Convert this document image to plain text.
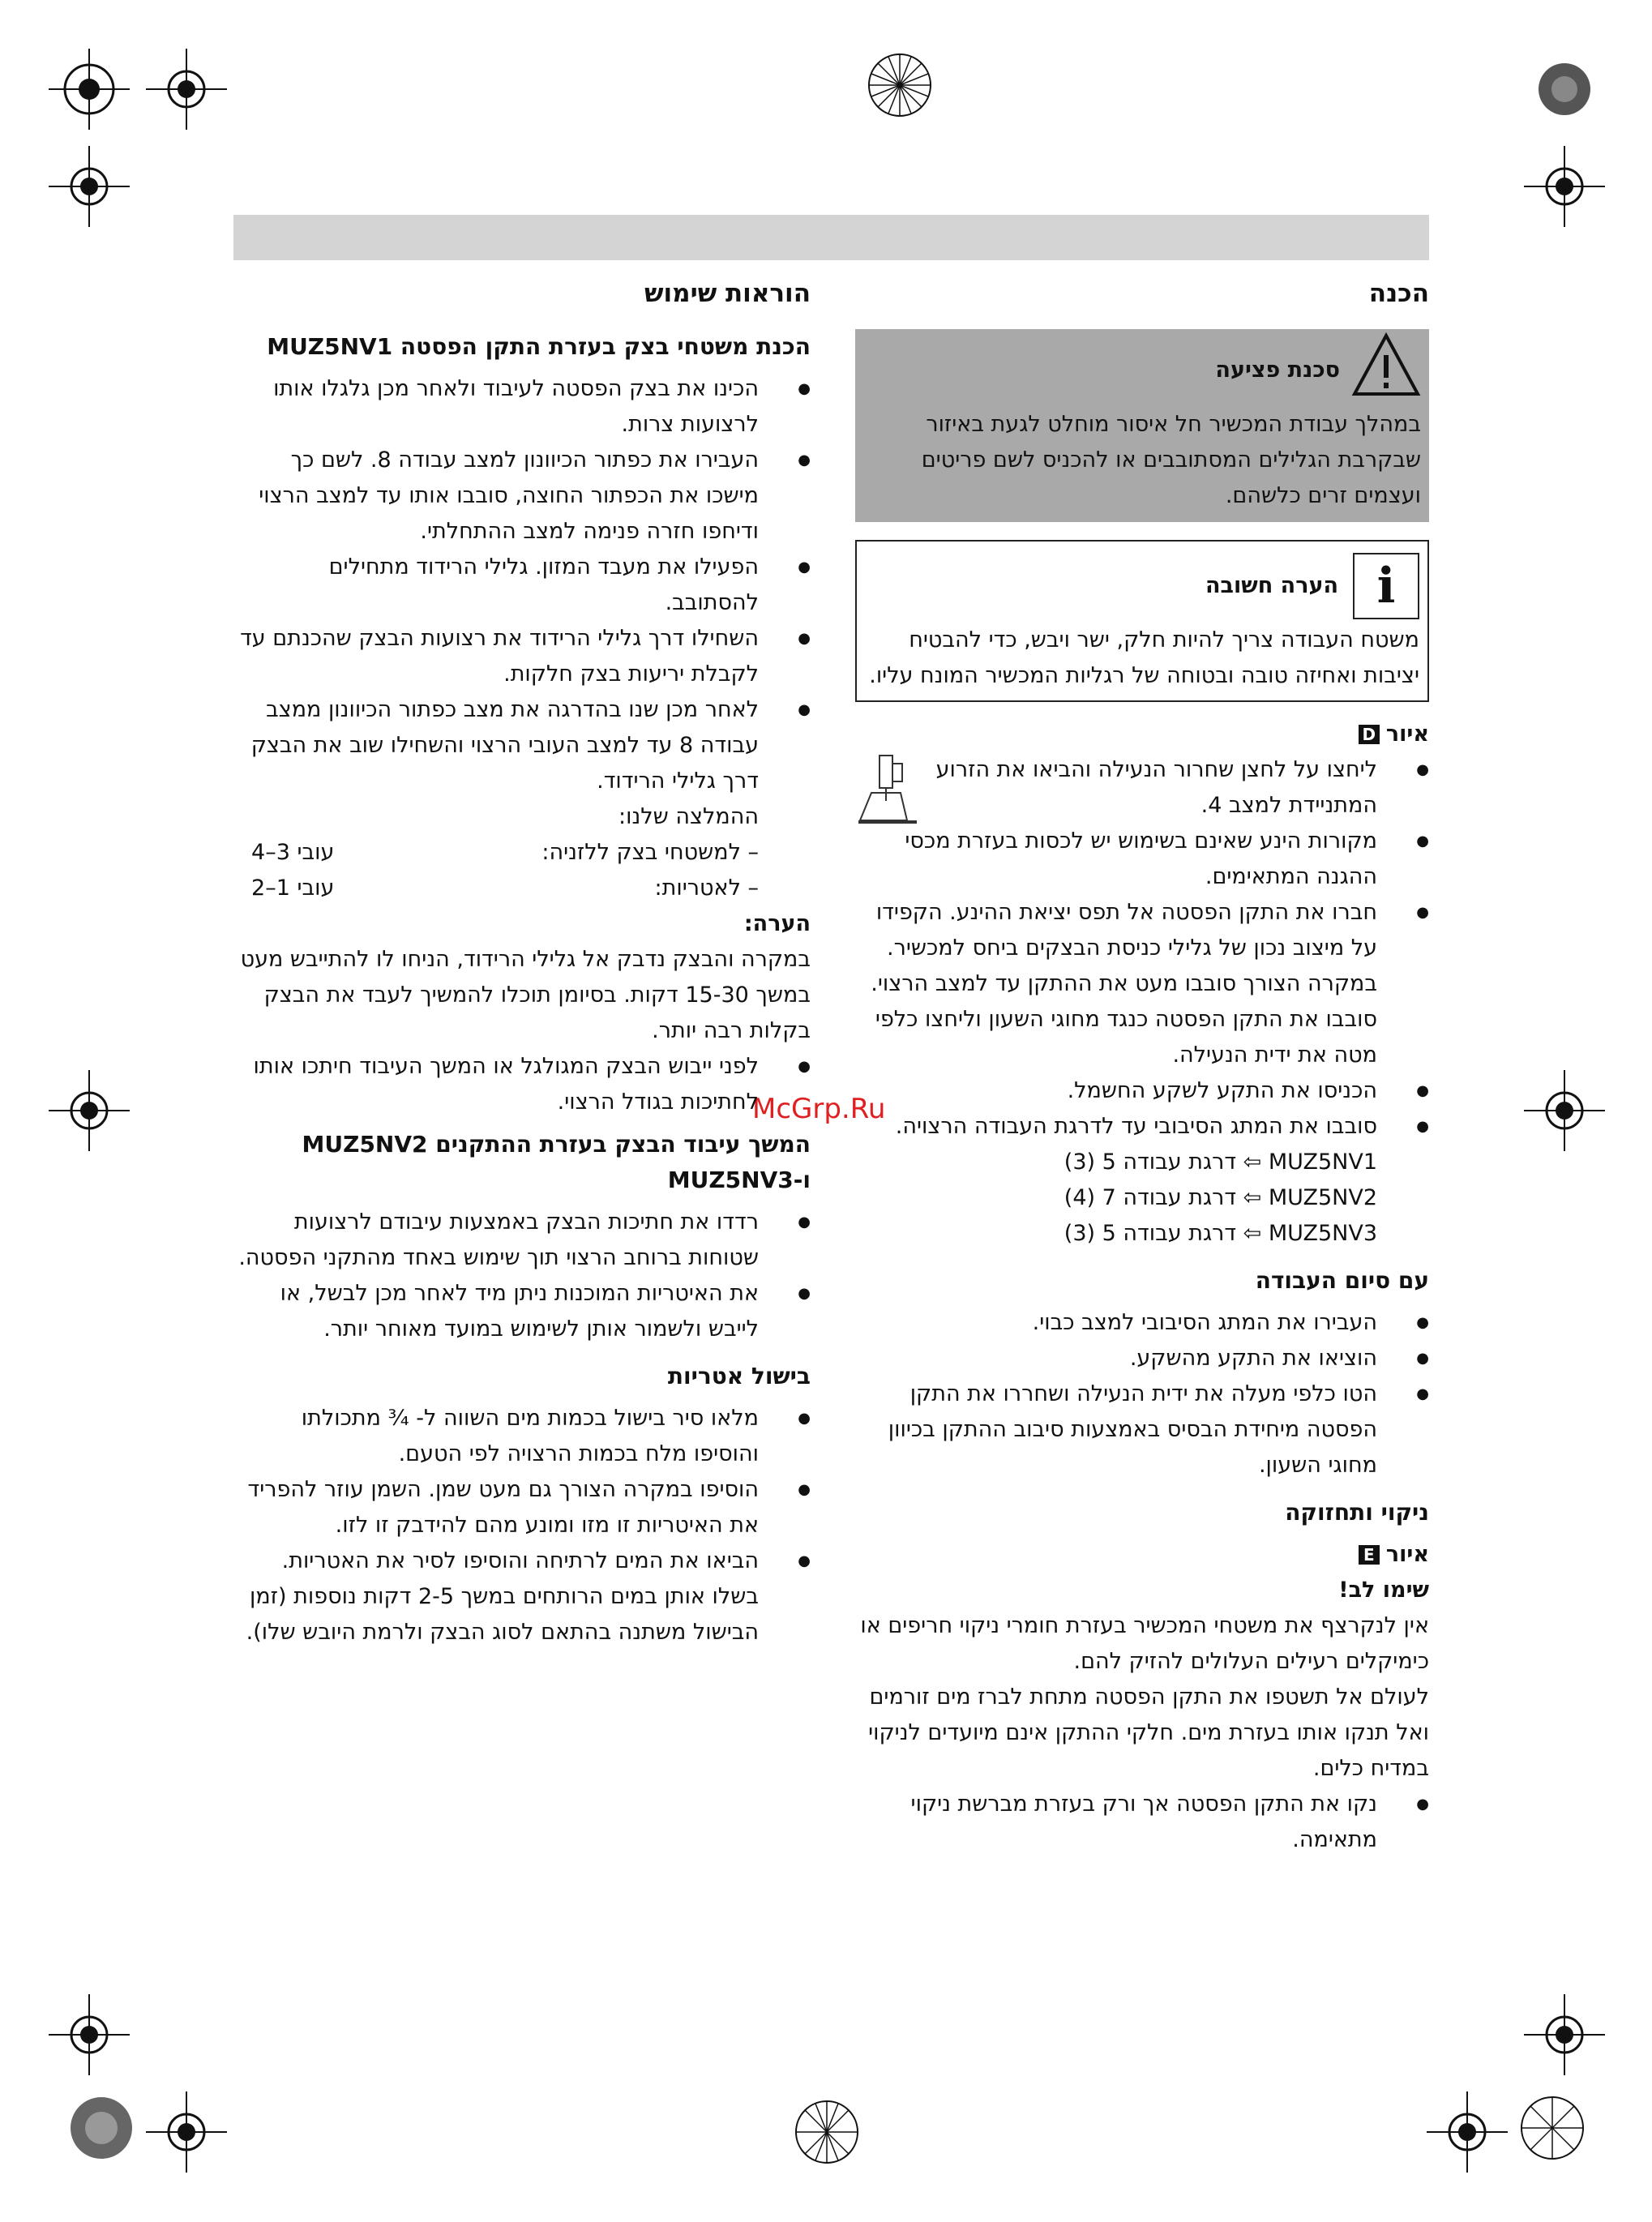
McGrp.Ru
הכנה
סכנת פציעה

במהלך עבודת המכשיר חל איסור מוחלט לגעת באיזור שבקרבת הגלילים המסתובבים או להכניס לשם פריטים ועצמים זרים כלשהם.

i
הערה חשובה

משטח העבודה צריך להיות חלק, ישר ויבש, כדי להבטיח יציבות ואחיזה טובה ובטוחה של רגליות המכשיר המונח עליו.

איור
D
● ליחצו על לחצן שחרור הנעילה והביאו את הזרוע המתניידת למצב 4.
● מקורות הינע שאינם בשימוש יש לכסות בעזרת מכסי ההגנה המתאימים.
● חברו את התקן הפסטה אל תפס יציאת ההינע. הקפידו על מיצוב נכון של גלילי כניסת הבצקים ביחס למכשיר. במקרה הצורך סובבו מעט את ההתקן עד למצב הרצוי.

סובבו את התקן הפסטה כנגד מחוגי השעון וליחצו כלפי מטה את ידית הנעילה.

● הכניסו את התקע לשקע החשמל.
● סובבו את המתג הסיבובי עד לדרגת העבודה הרצויה.
MUZ5NV1 ⇦ דרגת עבודה 5 (3)
MUZ5NV2 ⇦ דרגת עבודה 7 (4)
MUZ5NV3 ⇦ דרגת עבודה 5 (3)
עם סיום העבודה
● העבירו את המתג הסיבובי למצב כבוי.
● הוציאו את התקע מהשקע.
● הטו כלפי מעלה את ידית הנעילה ושחררו את התקן הפסטה מיחידת הבסיס באמצעות סיבוב ההתקן בכיוון מחוגי השעון.
ניקוי ותחזוקה
איור
E

שימו לב!

אין לנקרצף את משטחי המכשיר בעזרת חומרי ניקוי חריפים או כימיקלים רעילים העלולים להזיק להם.

לעולם אל תשטפו את התקן הפסטה מתחת לברז מים זורמים ואל תנקו אותו בעזרת מים. חלקי ההתקן אינם מיועדים לניקוי במדיח כלים.

● נקו את התקן הפסטה אך ורק בעזרת מברשת ניקוי מתאימה.
הוראות שימוש
הכנת משטחי בצק בעזרת התקן הפסטה MUZ5NV1
● הכינו את בצק הפסטה לעיבוד ולאחר מכן גלגלו אותו לרצועות צרות.
● העבירו את כפתור הכיוונון למצב עבודה 8. לשם כך מישכו את הכפתור החוצה, סובבו אותו עד למצב הרצוי ודיחפו חזרה פנימה למצב ההתחלתי.
● הפעילו את מעבד המזון. גלילי הרידוד מתחילים להסתובב.
● השחילו דרך גלילי הרידוד את רצועות הבצק שהכנתם עד לקבלת יריעות בצק חלקות.
● לאחר מכן שנו בהדרגה את מצב כפתור הכיוונון ממצב עבודה 8 עד למצב העובי הרצוי והשחילו שוב את הבצק דרך גלילי הרידוד.

ההמלצה שלנו:

– למשטחי בצק ללזניה:
עובי 3–4
– לאטריות:
עובי 1–2

הערה:

במקרה והבצק נדבק אל גלילי הרידוד, הניחו לו להתייבש מעט במשך 15-30 דקות. בסיומן תוכלו להמשיך לעבד את הבצק בקלות רבה יותר.

● לפני ייבוש הבצק המגולגל או המשך העיבוד חיתכו אותו לחתיכות בגודל הרצוי.
המשך עיבוד הבצק בעזרת ההתקנים MUZ5NV2
ו-MUZ5NV3
● רדדו את חתיכות הבצק באמצעות עיבודם לרצועות שטוחות ברוחב הרצוי תוך שימוש באחד מהתקני הפסטה.
● את האיטריות המוכנות ניתן מיד לאחר מכן לבשל, או לייבש ולשמור אותן לשימוש במועד מאוחר יותר.
בישול אטריות
● מלאו סיר בישול בכמות מים השווה ל- ¾ מתכולתו והוסיפו מלח בכמות הרצויה לפי הטעם.
● הוסיפו במקרה הצורך גם מעט שמן. השמן עוזר להפריד את האיטריות זו מזו ומונע מהם להידבק זו לזו.
● הביאו את המים לרתיחה והוסיפו לסיר את האטריות. בשלו אותן במים הרותחים במשך 2-5 דקות נוספות (זמן הבישול משתנה בהתאם לסוג הבצק ולרמת היובש שלו).
